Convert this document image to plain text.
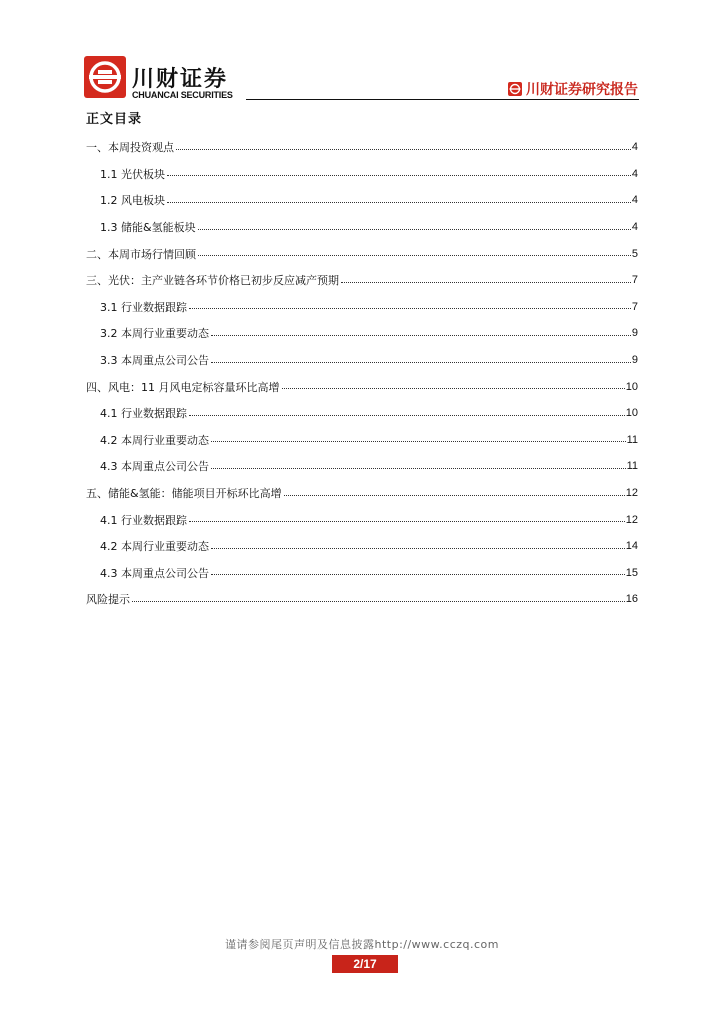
川财证券
CHUANCAI SECURITIES	川财证券研究报告
正文目录
一、本周投资观点	4
1.1 光伏板块	4
1.2 风电板块	4
1.3 储能&氢能板块	4
二、本周市场行情回顾	5
三、光伏：主产业链各环节价格已初步反应减产预期	7
3.1 行业数据跟踪	7
3.2 本周行业重要动态	9
3.3 本周重点公司公告	9
四、风电：11 月风电定标容量环比高增	10
4.1 行业数据跟踪	10
4.2 本周行业重要动态	11
4.3 本周重点公司公告	11
五、储能&氢能：储能项目开标环比高增	12
4.1 行业数据跟踪	12
4.2 本周行业重要动态	14
4.3 本周重点公司公告	15
风险提示	16
谨请参阅尾页声明及信息披露http://www.cczq.com
2/17
